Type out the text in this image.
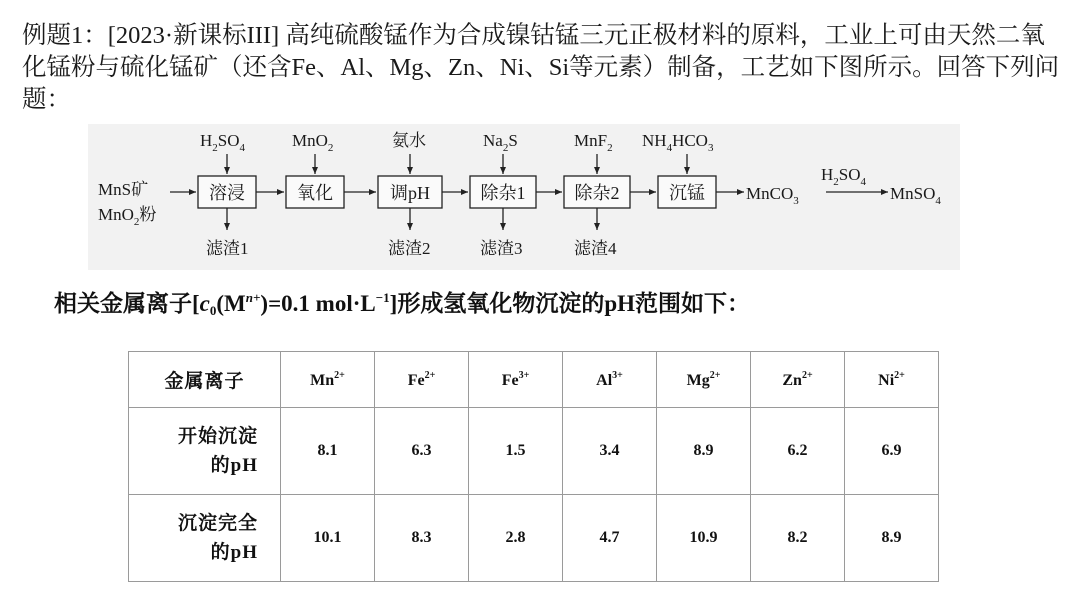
例题1：[2023·新课标III] 高纯硫酸锰作为合成镍钴锰三元正极材料的原料，工业上可由天然二氧化锰粉与硫化锰矿（还含Fe、Al、Mg、Zn、Ni、Si等元素）制备，工艺如下图所示。回答下列问题：
MnS矿
MnO$_2$粉
溶浸	氧化	调pH	除杂1	除杂2	沉锰 MnCO$_3$
$H_2SO_4$
MnSO$_4$
$H_2SO_4$	MnO$_2$	氨水	$Na_2S$	MnF$_2$ $NH_4HCO_3$
滤渣1	滤渣2	滤渣3	滤渣4
相关金属离子[$c_0(M^{n+})=0.1$ $mol\cdot L^{-1}$]形成氢氧化物沉淀的pH范围如下：
金属离子	$Mn^{2+}$	$Fe^{2+}$	$Fe^{3+}$	$Al^{3+}$	$Mg^{2+}$	$Zn^{2+}$	$Ni^{2+}$
开始沉淀
的pH	8.1	6.3	1.5	3.4	8.9	6.2	6.9
沉淀完全
的pH	10.1	8.3	2.8	4.7	10.9	8.2	8.9
